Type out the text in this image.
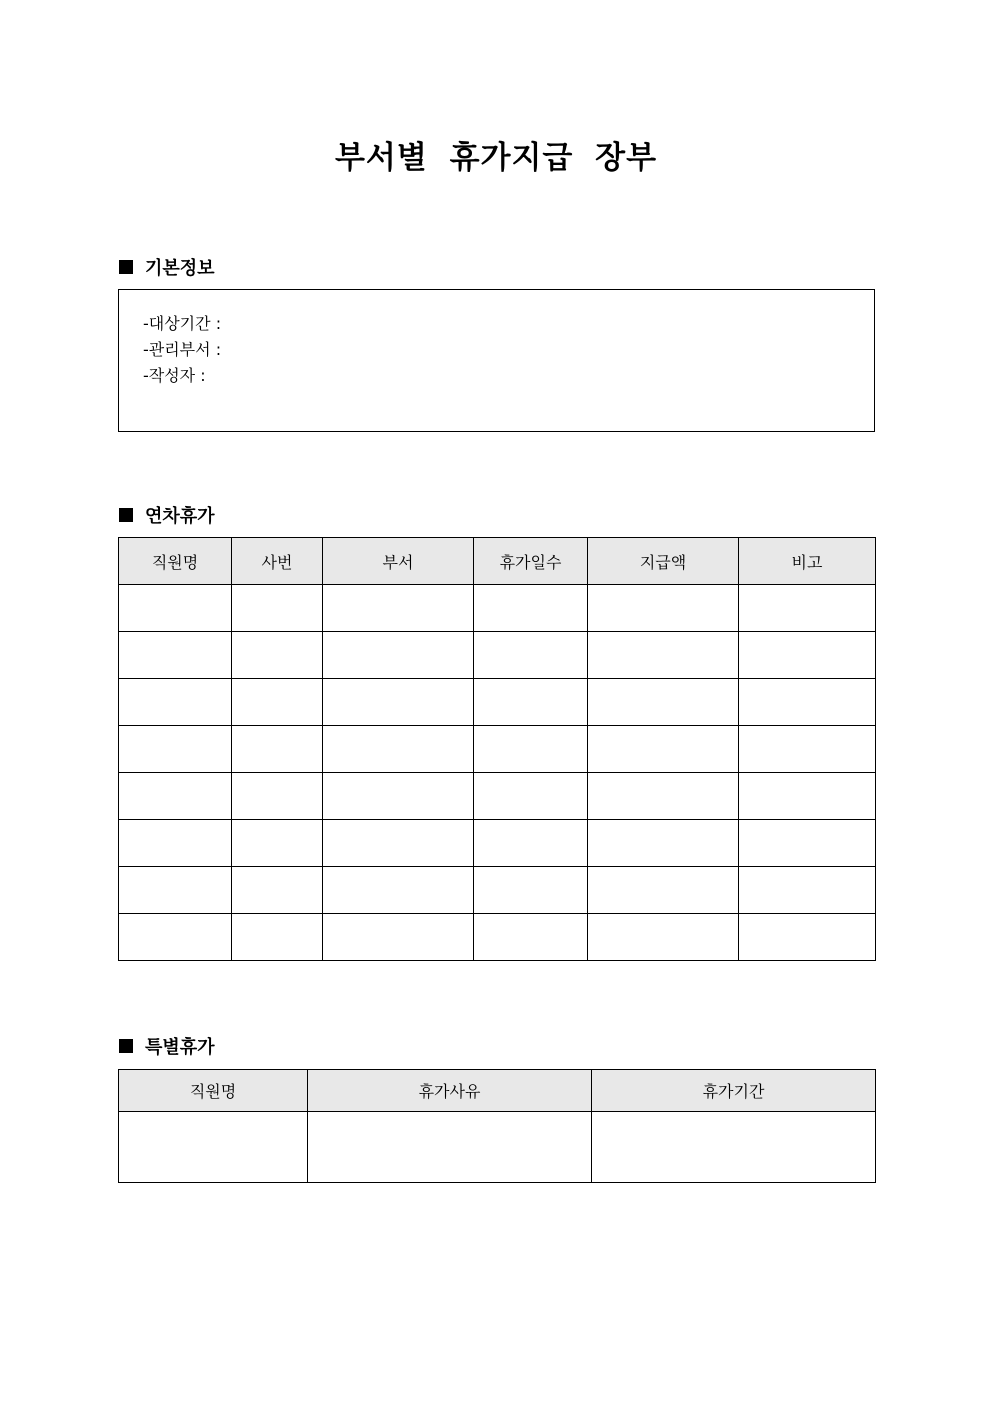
부서별 휴가지급 장부
기본정보
-대상기간 :
-관리부서 :
-작성자 :
연차휴가
직원명	사번	부서	휴가일수	지급액	비고

특별휴가
직원명	휴가사유	휴가기간
